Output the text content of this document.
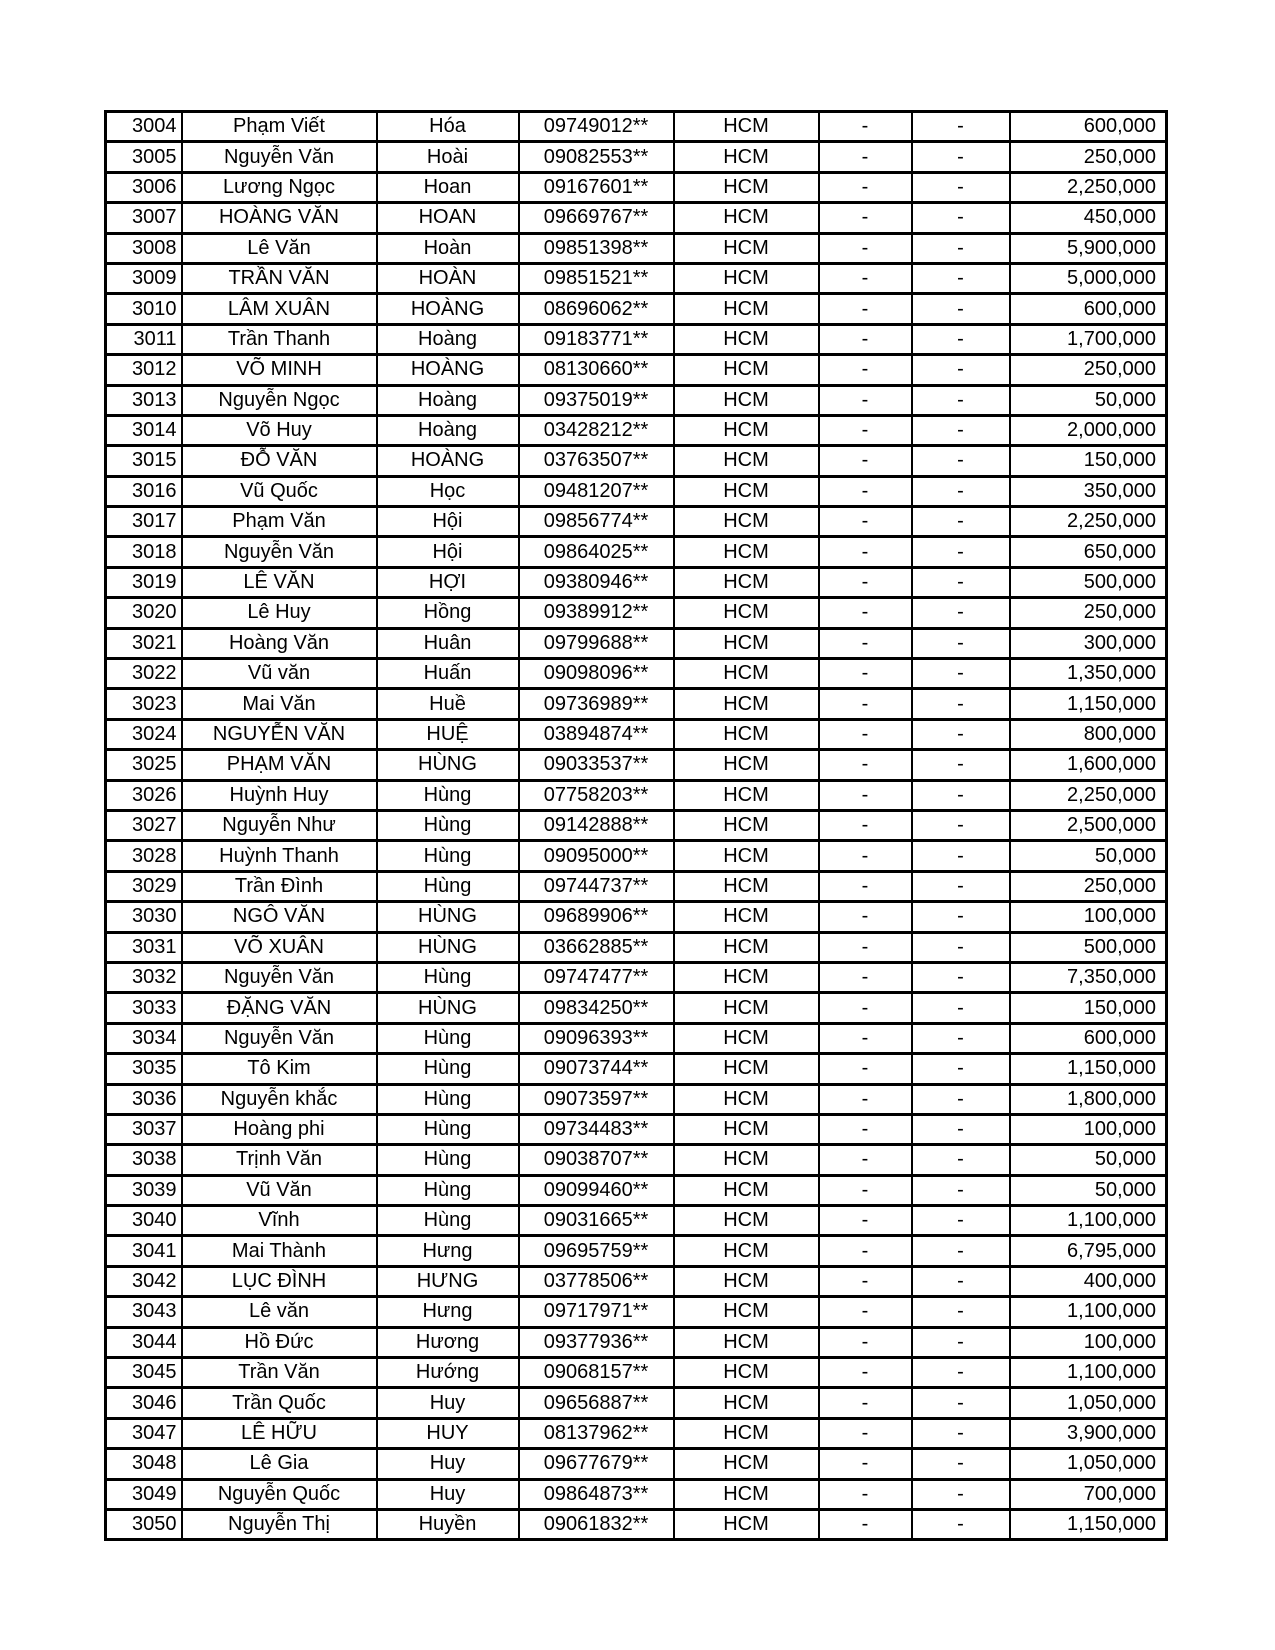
3004	Phạm Viết	Hóa	09749012**	HCM	-	-	600,000
3005	Nguyễn Văn	Hoài	09082553**	HCM	-	-	250,000
3006	Lương Ngọc	Hoan	09167601**	HCM	-	-	2,250,000
3007	HOÀNG VĂN	HOAN	09669767**	HCM	-	-	450,000
3008	Lê Văn	Hoàn	09851398**	HCM	-	-	5,900,000
3009	TRẦN VĂN	HOÀN	09851521**	HCM	-	-	5,000,000
3010	LÂM XUÂN	HOÀNG	08696062**	HCM	-	-	600,000
3011	Trần Thanh	Hoàng	09183771**	HCM	-	-	1,700,000
3012	VÕ MINH	HOÀNG	08130660**	HCM	-	-	250,000
3013	Nguyễn Ngọc	Hoàng	09375019**	HCM	-	-	50,000
3014	Võ Huy	Hoàng	03428212**	HCM	-	-	2,000,000
3015	ĐỖ VĂN	HOÀNG	03763507**	HCM	-	-	150,000
3016	Vũ Quốc	Học	09481207**	HCM	-	-	350,000
3017	Phạm Văn	Hội	09856774**	HCM	-	-	2,250,000
3018	Nguyễn Văn	Hội	09864025**	HCM	-	-	650,000
3019	LÊ VĂN	HỢI	09380946**	HCM	-	-	500,000
3020	Lê Huy	Hồng	09389912**	HCM	-	-	250,000
3021	Hoàng Văn	Huân	09799688**	HCM	-	-	300,000
3022	Vũ văn	Huấn	09098096**	HCM	-	-	1,350,000
3023	Mai Văn	Huề	09736989**	HCM	-	-	1,150,000
3024	NGUYỄN VĂN	HUỆ	03894874**	HCM	-	-	800,000
3025	PHẠM VĂN	HÙNG	09033537**	HCM	-	-	1,600,000
3026	Huỳnh Huy	Hùng	07758203**	HCM	-	-	2,250,000
3027	Nguyễn Như	Hùng	09142888**	HCM	-	-	2,500,000
3028	Huỳnh Thanh	Hùng	09095000**	HCM	-	-	50,000
3029	Trần Đình	Hùng	09744737**	HCM	-	-	250,000
3030	NGÔ VĂN	HÙNG	09689906**	HCM	-	-	100,000
3031	VÕ XUÂN	HÙNG	03662885**	HCM	-	-	500,000
3032	Nguyễn Văn	Hùng	09747477**	HCM	-	-	7,350,000
3033	ĐẶNG VĂN	HÙNG	09834250**	HCM	-	-	150,000
3034	Nguyễn Văn	Hùng	09096393**	HCM	-	-	600,000
3035	Tô Kim	Hùng	09073744**	HCM	-	-	1,150,000
3036	Nguyễn khắc	Hùng	09073597**	HCM	-	-	1,800,000
3037	Hoàng phi	Hùng	09734483**	HCM	-	-	100,000
3038	Trịnh Văn	Hùng	09038707**	HCM	-	-	50,000
3039	Vũ Văn	Hùng	09099460**	HCM	-	-	50,000
3040	Vĩnh	Hùng	09031665**	HCM	-	-	1,100,000
3041	Mai Thành	Hưng	09695759**	HCM	-	-	6,795,000
3042	LỤC ĐÌNH	HƯNG	03778506**	HCM	-	-	400,000
3043	Lê văn	Hưng	09717971**	HCM	-	-	1,100,000
3044	Hồ Đức	Hương	09377936**	HCM	-	-	100,000
3045	Trần Văn	Hướng	09068157**	HCM	-	-	1,100,000
3046	Trần Quốc	Huy	09656887**	HCM	-	-	1,050,000
3047	LÊ HỮU	HUY	08137962**	HCM	-	-	3,900,000
3048	Lê Gia	Huy	09677679**	HCM	-	-	1,050,000
3049	Nguyễn Quốc	Huy	09864873**	HCM	-	-	700,000
3050	Nguyễn Thị	Huyền	09061832**	HCM	-	-	1,150,000
